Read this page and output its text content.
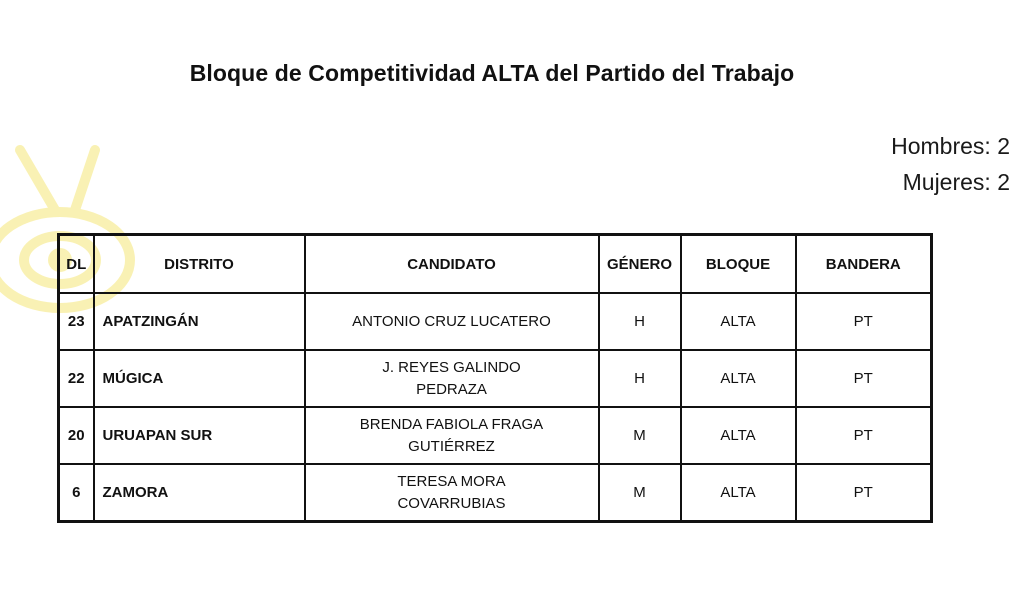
Bloque de Competitividad ALTA del Partido del Trabajo
Hombres: 2
Mujeres: 2
DL	DISTRITO	CANDIDATO	GÉNERO	BLOQUE	BANDERA
23	APATZINGÁN	ANTONIO CRUZ LUCATERO	H	ALTA	PT
22	MÚGICA	J. REYES GALINDO PEDRAZA	H	ALTA	PT
20	URUAPAN SUR	BRENDA FABIOLA FRAGA GUTIÉRREZ	M	ALTA	PT
6	ZAMORA	TERESA MORA COVARRUBIAS	M	ALTA	PT
